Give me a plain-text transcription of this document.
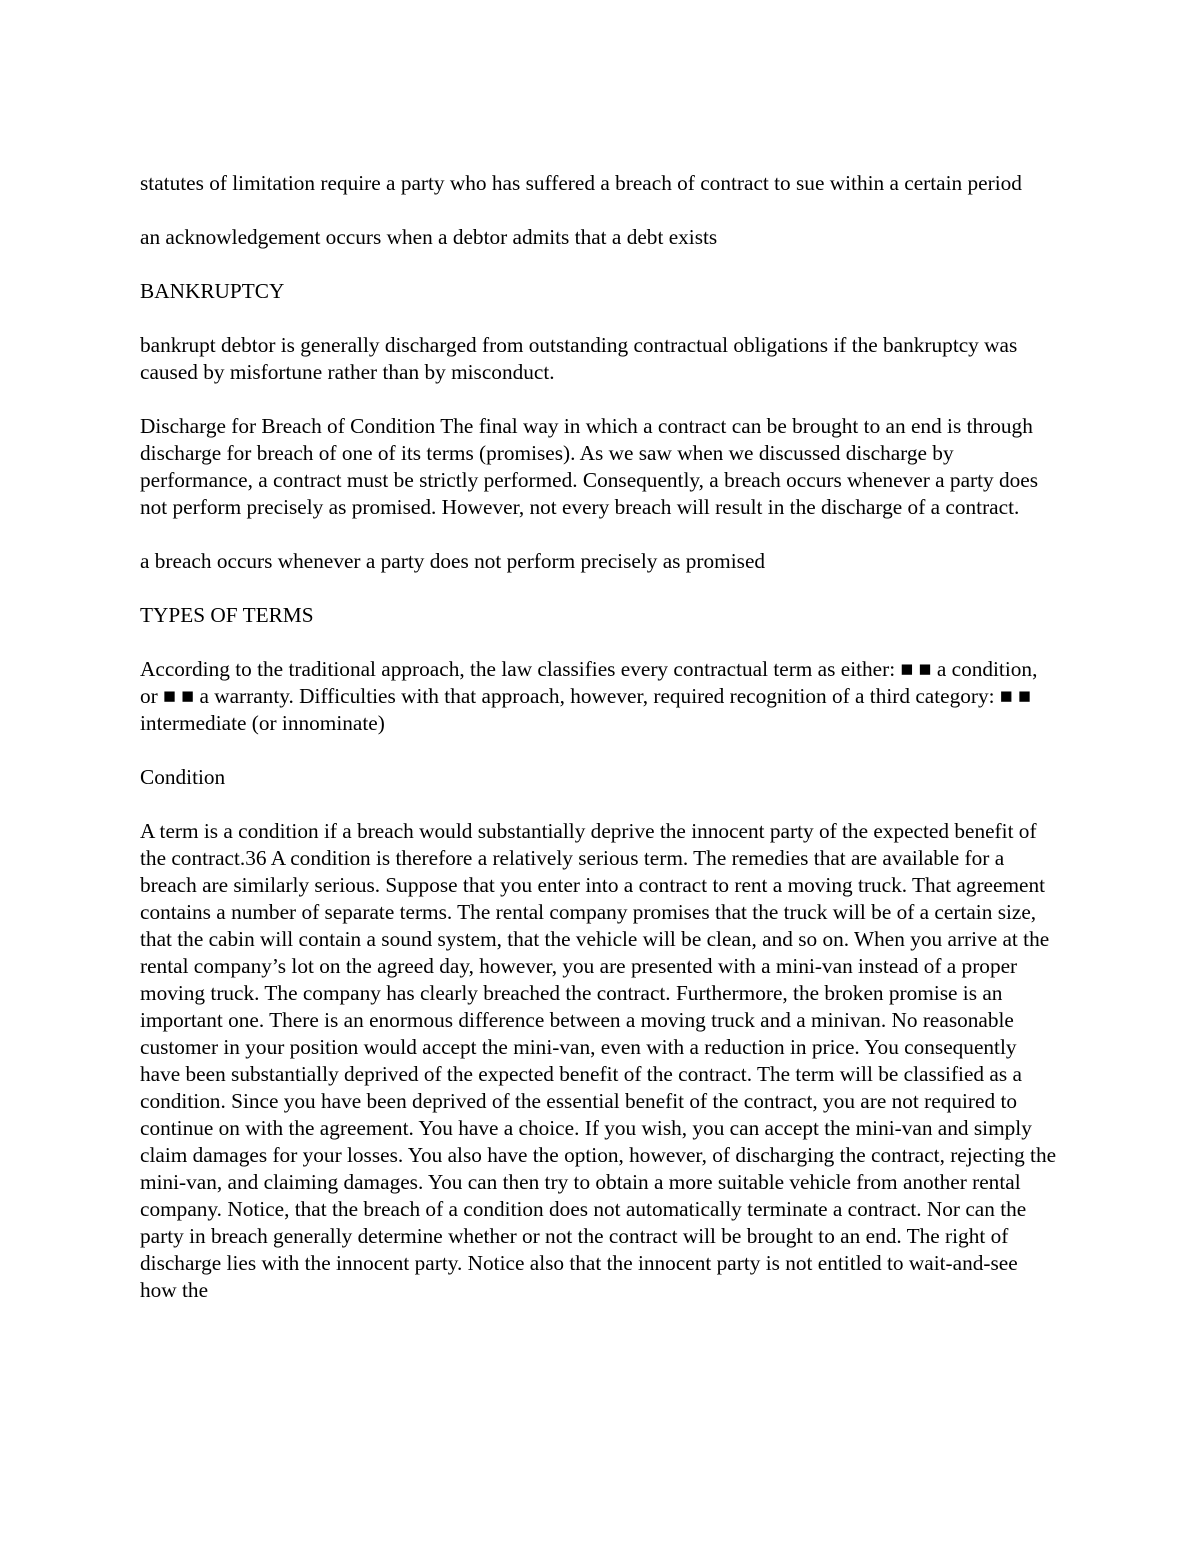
statutes of limitation require a party who has suffered a breach of contract to sue within a certain period

an acknowledgement occurs when a debtor admits that a debt exists

BANKRUPTCY

bankrupt debtor is generally discharged from outstanding contractual obligations if the bankruptcy was caused by misfortune rather than by misconduct.

Discharge for Breach of Condition The final way in which a contract can be brought to an end is through discharge for breach of one of its terms (promises). As we saw when we discussed discharge by performance, a contract must be strictly performed. Consequently, a breach occurs whenever a party does not perform precisely as promised. However, not every breach will result in the discharge of a contract.

a breach occurs whenever a party does not perform precisely as promised

TYPES OF TERMS

According to the traditional approach, the law classifies every contractual term as either: ■ ■ a condition, or ■ ■ a warranty. Difficulties with that approach, however, required recognition of a third category: ■ ■ intermediate (or innominate)

Condition

A term is a condition if a breach would substantially deprive the innocent party of the expected benefit of the contract.36 A condition is therefore a relatively serious term. The remedies that are available for a breach are similarly serious. Suppose that you enter into a contract to rent a moving truck. That agreement contains a number of separate terms. The rental company promises that the truck will be of a certain size, that the cabin will contain a sound system, that the vehicle will be clean, and so on. When you arrive at the rental company’s lot on the agreed day, however, you are presented with a mini-van instead of a proper moving truck. The company has clearly breached the contract. Furthermore, the broken promise is an important one. There is an enormous difference between a moving truck and a minivan. No reasonable customer in your position would accept the mini-van, even with a reduction in price. You consequently have been substantially deprived of the expected benefit of the contract. The term will be classified as a condition. Since you have been deprived of the essential benefit of the contract, you are not required to continue on with the agreement. You have a choice. If you wish, you can accept the mini-van and simply claim damages for your losses. You also have the option, however, of discharging the contract, rejecting the mini-van, and claiming damages. You can then try to obtain a more suitable vehicle from another rental company. Notice, that the breach of a condition does not automatically terminate a contract. Nor can the party in breach generally determine whether or not the contract will be brought to an end. The right of discharge lies with the innocent party. Notice also that the innocent party is not entitled to wait-and-see how the
